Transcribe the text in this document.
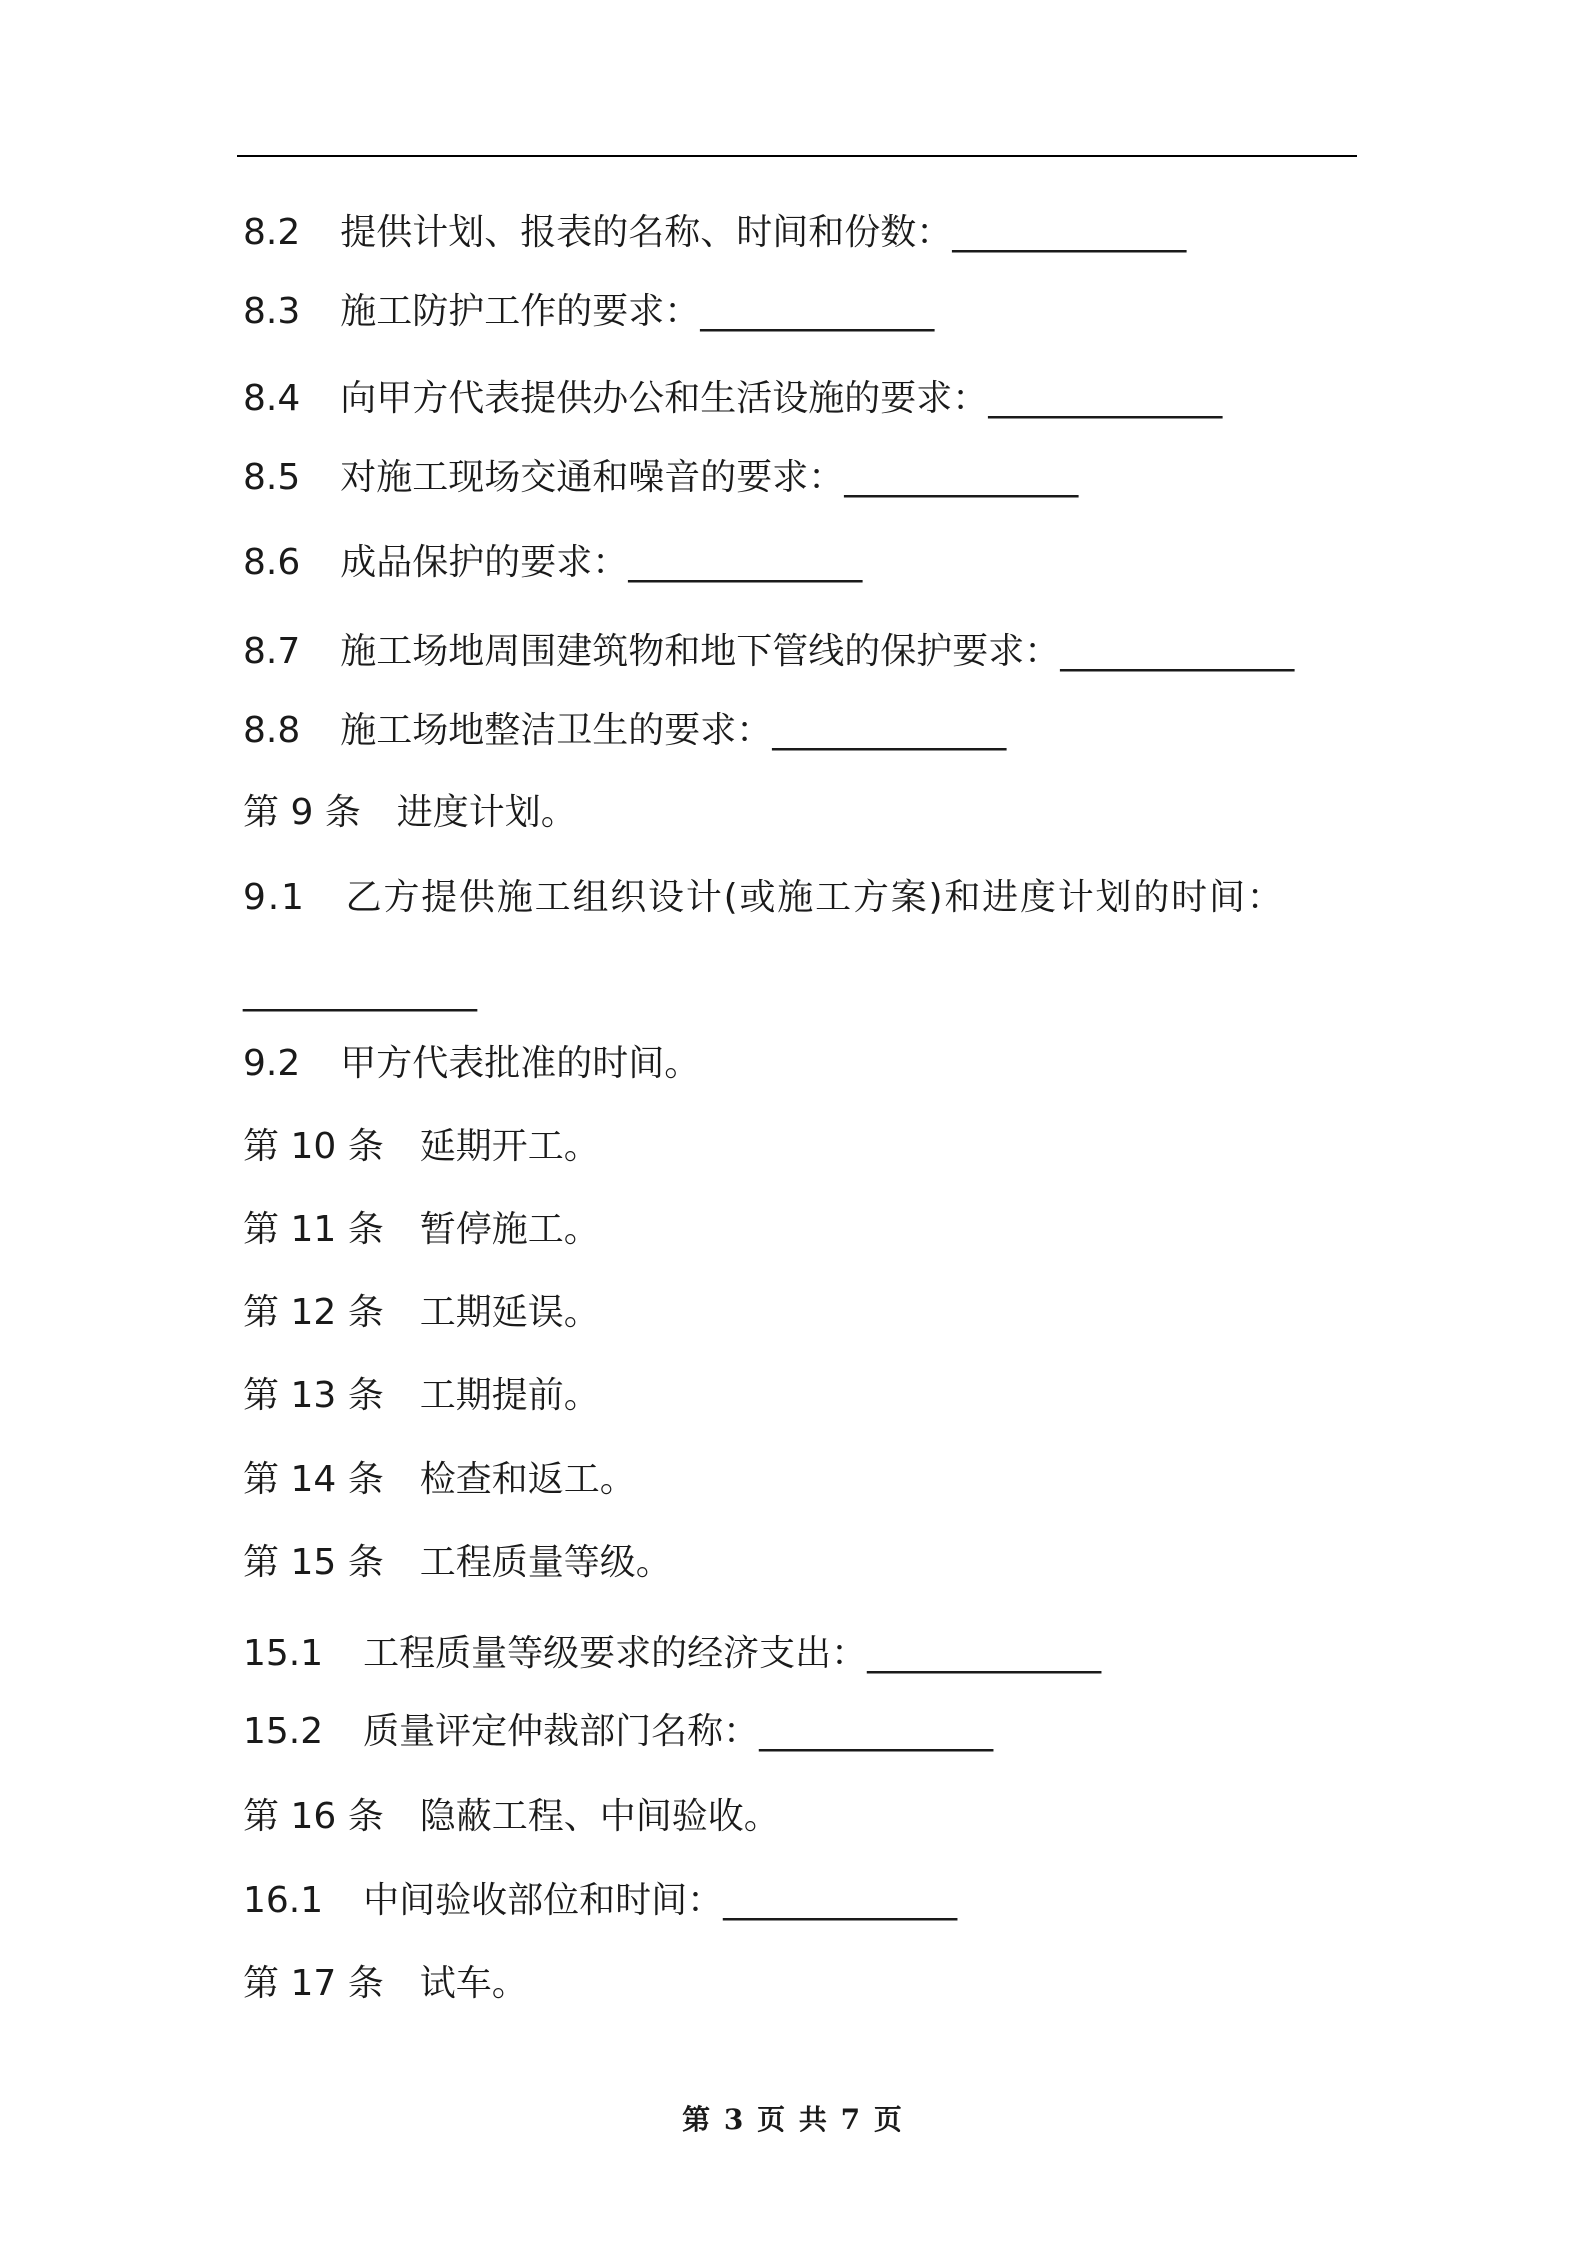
8.2 提供计划、报表的名称、时间和份数：_____________
8.3 施工防护工作的要求：_____________
8.4 向甲方代表提供办公和生活设施的要求：_____________
8.5 对施工现场交通和噪音的要求：_____________
8.6 成品保护的要求：_____________
8.7 施工场地周围建筑物和地下管线的保护要求：_____________
8.8 施工场地整洁卫生的要求：_____________
第 9 条 进度计划。
9.1 乙方提供施工组织设计(或施工方案)和进度计划的时间：
_____________
9.2 甲方代表批准的时间。
第 10 条 延期开工。
第 11 条 暂停施工。
第 12 条 工期延误。
第 13 条 工期提前。
第 14 条 检查和返工。
第 15 条 工程质量等级。
15.1 工程质量等级要求的经济支出：_____________
15.2 质量评定仲裁部门名称：_____________
第 16 条 隐蔽工程、中间验收。
16.1 中间验收部位和时间：_____________
第 17 条 试车。
第 3 页 共 7 页
